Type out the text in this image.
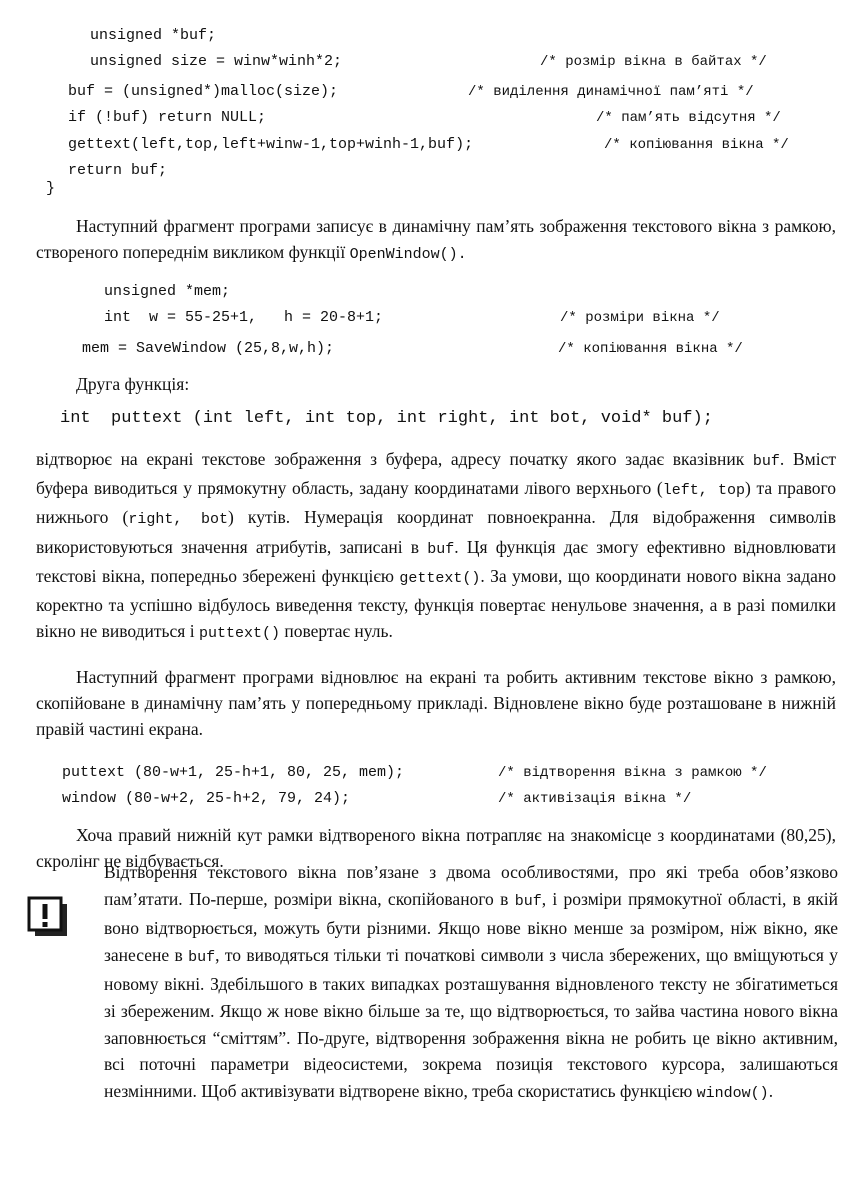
unsigned *buf;
unsigned size = winw*winh*2;	/* розмір вікна в байтах */
buf = (unsigned*)malloc(size);	/* виділення динамічної пам’яті */
if (!buf) return NULL;	/* пам’ять відсутня */
gettext(left,top,left+winw-1,top+winh-1,buf);	/* копіювання вікна */
return buf;
}

Наступний фрагмент програми записує в динамічну пам’ять зображення текстового вікна з рамкою, створеного попереднім викликом функції OpenWindow().

unsigned *mem;
int  w = 55-25+1,   h = 20-8+1;	/* розміри вікна */
mem = SaveWindow (25,8,w,h);	/* копіювання вікна */
Друга функція:
int  puttext (int left, int top, int right, int bot, void* buf);

відтворює на екрані текстове зображення з буфера, адресу початку якого задає вказівник buf. Вміст буфера виводиться у прямокутну область, задану координатами лівого верхнього (left, top) та правого нижнього (right, bot) кутів. Нумерація координат повноекранна. Для відображення символів використовуються значення атрибутів, записані в buf. Ця функція дає змогу ефективно відновлювати текстові вікна, попередньо збережені функцією gettext(). За умови, що координати нового вікна задано коректно та успішно відбулось виведення тексту, функція повертає ненульове значення, а в разі помилки вікно не виводиться і puttext() повертає нуль.

Наступний фрагмент програми відновлює на екрані та робить активним текстове вікно з рамкою, скопійоване в динамічну пам’ять у попередньому прикладі. Відновлене вікно буде розташоване в нижній правій частині екрана.

puttext (80-w+1, 25-h+1, 80, 25, mem);	/* відтворення вікна з рамкою */
window (80-w+2, 25-h+2, 79, 24);	/* активізація вікна */

Хоча правий нижній кут рамки відтвореного вікна потрапляє на знакомісце з координатами (80,25), скролінг не відбувається.

Відтворення текстового вікна пов’язане з двома особливостями, про які треба обов’язково пам’ятати. По-перше, розміри вікна, скопійованого в buf, і розміри прямокутної області, в якій воно відтворюється, можуть бути різними. Якщо нове вікно менше за розміром, ніж вікно, яке занесене в buf, то виводяться тільки ті початкові символи з числа збережених, що вміщуються у новому вікні. Здебільшого в таких випадках розташування відновленого тексту не збігатиметься зі збереженим. Якщо ж нове вікно більше за те, що відтворюється, то зайва частина нового вікна заповнюється “сміттям”. По-друге, відтворення зображення вікна не робить це вікно активним, всі поточні параметри відеосистеми, зокрема позиція текстового курсора, залишаються незмінними. Щоб активізувати відтворене вікно, треба скористатись функцією window().
